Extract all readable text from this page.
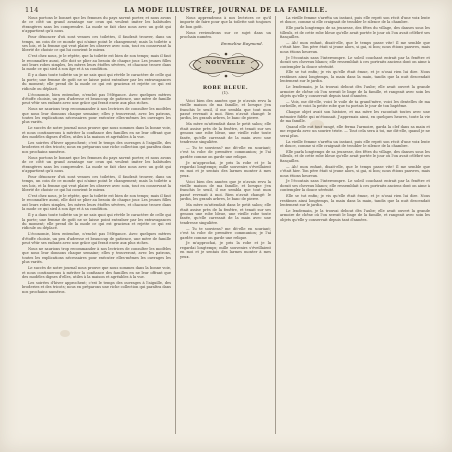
114	LA MODE ILLUSTRÉE, JOURNAL DE LA FAMILLE.

Nous portons le bonnet que les femmes du pays savent porter, et nous avons de ce côté un grand avantage sur ceux qui veulent imiter les habitudes étrangères sans les comprendre. La mode se fait chez nous avec un goût qui n'appartient qu'à nous.

Pour dénoncer d'où sont venues ces toilettes, il faudrait trouver, dans un temps, un coin de ce monde qui n'aime point le changement; mais la toilette a ses lois, et la femme qui veut plaire les observe avec soin, tout en conservant la liberté de choisir ce qui lui convient le mieux.

C'est chez nous, je le répète, que la toilette est bien de son temps; mais il faut le reconnaître aussi, elle doit se plier au besoin de chaque jour. Les jeunes filles ont leurs robes simples, les mères leurs étoffes sévères, et chacune trouve dans la mode ce qui sied à son âge et à sa condition.

Il y a dans toute toilette un je ne sais quoi qui révèle le caractère de celle qui la porte; une femme de goût ne se laisse point entraîner par les extravagances du moment; elle prend de la mode ce qui est gracieux et rejette ce qui est ridicule ou déplacé.

L'économie, bien entendue, n'exclut pas l'élégance. Avec quelques mètres d'étoffe choisie, un peu d'adresse et beaucoup de patience, une mère de famille peut vêtir ses enfants avec une grâce qui ferait envie aux plus riches.

Nous ne saurions trop recommander à nos lectrices de consulter les modèles que nous leur donnons chaque semaine; elles y trouveront, avec les patrons, toutes les explications nécessaires pour exécuter elles-mêmes les ouvrages les plus variés.

Le succès de notre journal nous prouve que nous sommes dans la bonne voie, et nous continuerons à mériter la confiance des familles en ne leur offrant que des modèles dignes d'elles, utiles à la maison et agréables à la vue.

Les soirées d'hiver approchent; c'est le temps des ouvrages à l'aiguille, des broderies et des tricots; nous en préparons une riche collection qui paraîtra dans nos prochains numéros.

Nous portons le bonnet que les femmes du pays savent porter, et nous avons de ce côté un grand avantage sur ceux qui veulent imiter les habitudes étrangères sans les comprendre. La mode se fait chez nous avec un goût qui n'appartient qu'à nous.

Pour dénoncer d'où sont venues ces toilettes, il faudrait trouver, dans un temps, un coin de ce monde qui n'aime point le changement; mais la toilette a ses lois, et la femme qui veut plaire les observe avec soin, tout en conservant la liberté de choisir ce qui lui convient le mieux.

C'est chez nous, je le répète, que la toilette est bien de son temps; mais il faut le reconnaître aussi, elle doit se plier au besoin de chaque jour. Les jeunes filles ont leurs robes simples, les mères leurs étoffes sévères, et chacune trouve dans la mode ce qui sied à son âge et à sa condition.

Il y a dans toute toilette un je ne sais quoi qui révèle le caractère de celle qui la porte; une femme de goût ne se laisse point entraîner par les extravagances du moment; elle prend de la mode ce qui est gracieux et rejette ce qui est ridicule ou déplacé.

L'économie, bien entendue, n'exclut pas l'élégance. Avec quelques mètres d'étoffe choisie, un peu d'adresse et beaucoup de patience, une mère de famille peut vêtir ses enfants avec une grâce qui ferait envie aux plus riches.

Nous ne saurions trop recommander à nos lectrices de consulter les modèles que nous leur donnons chaque semaine; elles y trouveront, avec les patrons, toutes les explications nécessaires pour exécuter elles-mêmes les ouvrages les plus variés.

Le succès de notre journal nous prouve que nous sommes dans la bonne voie, et nous continuerons à mériter la confiance des familles en ne leur offrant que des modèles dignes d'elles, utiles à la maison et agréables à la vue.

Les soirées d'hiver approchent; c'est le temps des ouvrages à l'aiguille, des broderies et des tricots; nous en préparons une riche collection qui paraîtra dans nos prochains numéros.

Nous apprendrons à nos lectrices ce qu'il importe de faire pour que la toilette soit toujours de bon goût.

Nous reviendrons sur ce sujet dans un prochain numéro.

Emmeline Raymond.
NOUVELLE
ROBE BLEUE.
(1).

Voici bien des années que je n'avais revu la vieille maison de ma famille, et lorsque j'en franchis le seuil, il me sembla que tout mon passé revenait à moi. Rien n'avait changé: le jardin, les grands arbres, le banc de pierre.

Ma mère m'attendait dans le petit salon; elle était assise près de la fenêtre, et tenait sur ses genoux une robe bleue, une vieille robe toute fanée, qu'elle caressait de la main avec une tendresse singulière.

— Tu te souviens? me dit-elle en souriant; c'est ta robe de première communion; je l'ai gardée comme on garde une relique.

Je m'approchai, je pris la robe et je la regardai longtemps; mille souvenirs s'éveillaient en moi et je sentais des larmes monter à mes yeux.

Voici bien des années que je n'avais revu la vieille maison de ma famille, et lorsque j'en franchis le seuil, il me sembla que tout mon passé revenait à moi. Rien n'avait changé: le jardin, les grands arbres, le banc de pierre.

Ma mère m'attendait dans le petit salon; elle était assise près de la fenêtre, et tenait sur ses genoux une robe bleue, une vieille robe toute fanée, qu'elle caressait de la main avec une tendresse singulière.

— Tu te souviens? me dit-elle en souriant; c'est ta robe de première communion; je l'ai gardée comme on garde une relique.

Je m'approchai, je pris la robe et je la regardai longtemps; mille souvenirs s'éveillaient en moi et je sentais des larmes monter à mes yeux.

La vieille femme s'arrêta un instant, puis elle reprit son récit d'une voix lente et douce, comme si elle craignait de troubler le silence de la chambre.

Elle parla longtemps de sa jeunesse, des fêtes du village, des danses sous les tilleuls, et de cette robe bleue qu'elle avait portée le jour où l'on avait célébré ses fiançailles.

— Ah! mon enfant, disait-elle, que le temps passe vite! Il me semble que c'était hier. Ton père était si jeune alors, si gai, si bon; nous étions pauvres, mais nous étions heureux.

Je l'écoutais sans l'interrompre. Le soleil couchant entrait par la fenêtre et dorait ses cheveux blancs; elle ressemblait à ces portraits anciens dont on aime à contempler la douce sérénité.

Elle se tut enfin; je vis qu'elle était émue, et je n'osai rien lui dire. Nous restâmes ainsi longtemps, la main dans la main, tandis que la nuit descendait lentement sur le jardin.

Le lendemain, je la trouvai debout dès l'aube; elle avait ouvert la grande armoire de chêne où l'on serrait le linge de la famille, et rangeait avec soin les objets qu'elle y conservait depuis tant d'années.

— Vois, me dit-elle, voici le voile de ta grand'mère, voici les dentelles de ma corbeille, et voici la petite robe que tu portais le jour de ton baptême.

Chaque objet avait son histoire, et ma mère les racontait toutes avec une mémoire fidèle qui m'étonnait. J'apprenais ainsi, en quelques heures, toute la vie de ma famille.

Quand elle eut tout rangé, elle ferma l'armoire, garda la clef dans sa main et me regarda avec un sourire triste. — Tout cela sera à toi, me dit-elle, quand je ne serai plus.

La vieille femme s'arrêta un instant, puis elle reprit son récit d'une voix lente et douce, comme si elle craignait de troubler le silence de la chambre.

Elle parla longtemps de sa jeunesse, des fêtes du village, des danses sous les tilleuls, et de cette robe bleue qu'elle avait portée le jour où l'on avait célébré ses fiançailles.

— Ah! mon enfant, disait-elle, que le temps passe vite! Il me semble que c'était hier. Ton père était si jeune alors, si gai, si bon; nous étions pauvres, mais nous étions heureux.

Je l'écoutais sans l'interrompre. Le soleil couchant entrait par la fenêtre et dorait ses cheveux blancs; elle ressemblait à ces portraits anciens dont on aime à contempler la douce sérénité.

Elle se tut enfin; je vis qu'elle était émue, et je n'osai rien lui dire. Nous restâmes ainsi longtemps, la main dans la main, tandis que la nuit descendait lentement sur le jardin.

Le lendemain, je la trouvai debout dès l'aube; elle avait ouvert la grande armoire de chêne où l'on serrait le linge de la famille, et rangeait avec soin les objets qu'elle y conservait depuis tant d'années.
